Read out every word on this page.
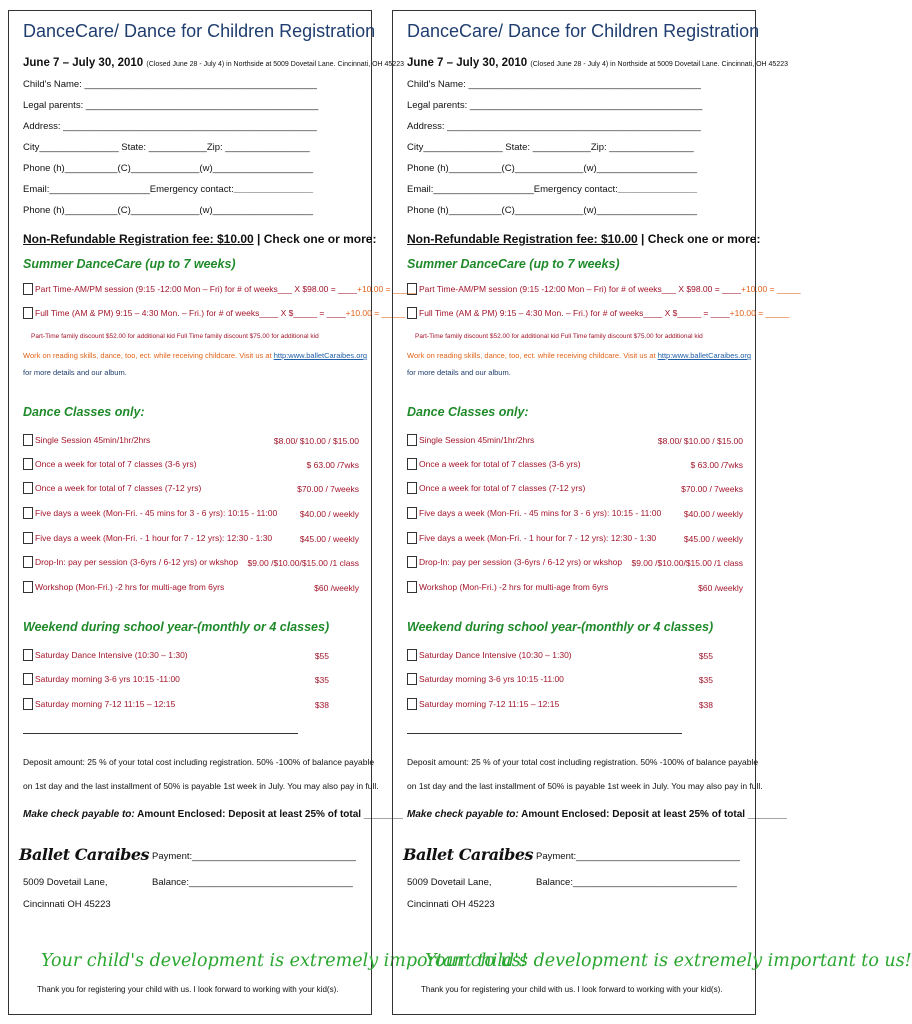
DanceCare/ Dance for Children Registration
June 7 – July 30, 2010 (Closed June 28 - July 4) in Northside at 5009 Dovetail Lane. Cincinnati, OH 45223
Child's Name: ____________________________________________
Legal parents: ____________________________________________
Address: ________________________________________________
City_______________ State: ___________Zip: ________________
Phone (h)__________(C)_____________(w)___________________
Email:___________________Emergency contact:_______________
Phone (h)__________(C)_____________(w)___________________
Non-Refundable Registration fee: $10.00 | Check one or more:
Summer DanceCare (up to 7 weeks)
Part Time-AM/PM session (9:15 -12:00 Mon – Fri) for # of weeks___ X $98.00 = ____ +10.00 = _____
Full Time (AM & PM) 9:15 – 4:30 Mon. – Fri.) for # of weeks____ X $_____ = ____ +10.00 = _____
Part-Time family discount $52.00 for additional kid Full Time family discount $75.00 for additional kid
Work on reading skills, dance, too, ect. while receiving childcare. Visit us at http:www.balletCaraibes.org
for more details and our album.
Dance Classes only:
Single Session 45min/1hr/2hrs	$8.00/ $10.00 / $15.00
Once a week for total of 7 classes (3-6 yrs)	$ 63.00 /7wks
Once a week for total of 7 classes (7-12 yrs)	$70.00 / 7weeks
Five days a week (Mon-Fri. - 45 mins for 3 - 6 yrs): 10:15 - 11:00	$40.00 / weekly
Five days a week (Mon-Fri. - 1 hour for 7 - 12 yrs): 12:30 - 1:30	$45.00 / weekly
Drop-In: pay per session (3-6yrs / 6-12 yrs) or wkshop $9.00 /$10.00/$15.00 /1 class
Workshop (Mon-Fri.) -2 hrs for multi-age from 6yrs	$60 /weekly
Weekend during school year-(monthly or 4 classes)
Saturday Dance Intensive (10:30 – 1:30)	$55
Saturday morning 3-6 yrs 10:15 -11:00	$35
Saturday morning 7-12 11:15 – 12:15	$38
Deposit amount: 25 % of your total cost including registration. 50% -100% of balance payable
on 1st day and the last installment of 50% is payable 1st week in July. You may also pay in full.
Make check payable to: Amount Enclosed: Deposit at least 25% of total _______
Ballet Caraibes Payment:_______________________________
5009 Dovetail Lane,	Balance:_______________________________
Cincinnati OH 45223
Your child's development is extremely important to us!
Thank you for registering your child with us. I look forward to working with your kid(s).
DanceCare/ Dance for Children Registration
June 7 – July 30, 2010 (Closed June 28 - July 4) in Northside at 5009 Dovetail Lane. Cincinnati, OH 45223
Child's Name: ____________________________________________
Legal parents: ____________________________________________
Address: ________________________________________________
City_______________ State: ___________Zip: ________________
Phone (h)__________(C)_____________(w)___________________
Email:___________________Emergency contact:_______________
Phone (h)__________(C)_____________(w)___________________
Non-Refundable Registration fee: $10.00 | Check one or more:
Summer DanceCare (up to 7 weeks)
Part Time-AM/PM session (9:15 -12:00 Mon – Fri) for # of weeks___ X $98.00 = ____ +10.00 = _____
Full Time (AM & PM) 9:15 – 4:30 Mon. – Fri.) for # of weeks____ X $_____ = ____ +10.00 = _____
Part-Time family discount $52.00 for additional kid Full Time family discount $75.00 for additional kid
Work on reading skills, dance, too, ect. while receiving childcare. Visit us at http:www.balletCaraibes.org
for more details and our album.
Dance Classes only:
Single Session 45min/1hr/2hrs	$8.00/ $10.00 / $15.00
Once a week for total of 7 classes (3-6 yrs)	$ 63.00 /7wks
Once a week for total of 7 classes (7-12 yrs)	$70.00 / 7weeks
Five days a week (Mon-Fri. - 45 mins for 3 - 6 yrs): 10:15 - 11:00	$40.00 / weekly
Five days a week (Mon-Fri. - 1 hour for 7 - 12 yrs): 12:30 - 1:30	$45.00 / weekly
Drop-In: pay per session (3-6yrs / 6-12 yrs) or wkshop $9.00 /$10.00/$15.00 /1 class
Workshop (Mon-Fri.) -2 hrs for multi-age from 6yrs	$60 /weekly
Weekend during school year-(monthly or 4 classes)
Saturday Dance Intensive (10:30 – 1:30)	$55
Saturday morning 3-6 yrs 10:15 -11:00	$35
Saturday morning 7-12 11:15 – 12:15	$38
Deposit amount: 25 % of your total cost including registration. 50% -100% of balance payable
on 1st day and the last installment of 50% is payable 1st week in July. You may also pay in full.
Make check payable to: Amount Enclosed: Deposit at least 25% of total _______
Ballet Caraibes Payment:_______________________________
5009 Dovetail Lane,	Balance:_______________________________
Cincinnati OH 45223
Your child's development is extremely important to us!
Thank you for registering your child with us. I look forward to working with your kid(s).
